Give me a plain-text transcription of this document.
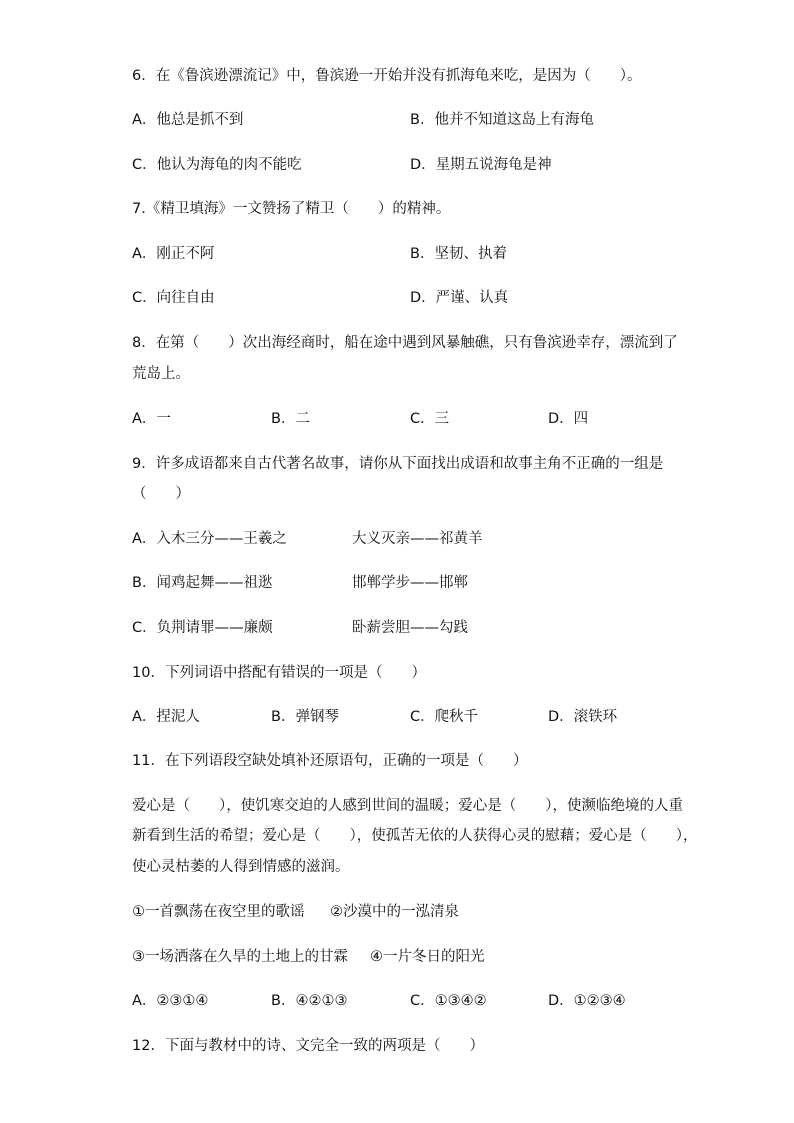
6．在《鲁滨逊漂流记》中，鲁滨逊一开始并没有抓海龟来吃，是因为（　　）。
A．他总是抓不到	B．他并不知道这岛上有海龟
C．他认为海龟的肉不能吃	D．星期五说海龟是神
7.《精卫填海》一文赞扬了精卫（　　）的精神。
A．刚正不阿	B．坚韧、执着
C．向往自由	D．严谨、认真
8．在第（　　）次出海经商时，船在途中遇到风暴触礁，只有鲁滨逊幸存，漂流到了
荒岛上。
A．一	B．二	C．三	D．四
9．许多成语都来自古代著名故事，请你从下面找出成语和故事主角不正确的一组是
（　　）
A．入木三分——王羲之	大义灭亲——祁黄羊
B．闻鸡起舞——祖逖	邯郸学步——邯郸
C．负荆请罪——廉颇	卧薪尝胆——勾践
10．下列词语中搭配有错误的一项是（　　）
A．捏泥人	B．弹钢琴	C．爬秋千	D．滚铁环
11．在下列语段空缺处填补还原语句，正确的一项是（　　）
爱心是（　　），使饥寒交迫的人感到世间的温暖；爱心是（　　），使濒临绝境的人重
新看到生活的希望；爱心是（　　），使孤苦无依的人获得心灵的慰藉；爱心是（　　），
使心灵枯萎的人得到情感的滋润。
①一首飘荡在夜空里的歌谣 ②沙漠中的一泓清泉
③一场洒落在久旱的土地上的甘霖 ④一片冬日的阳光
A．②③①④	B．④②①③	C．①③④②	D．①②③④
12．下面与教材中的诗、文完全一致的两项是（　　）
